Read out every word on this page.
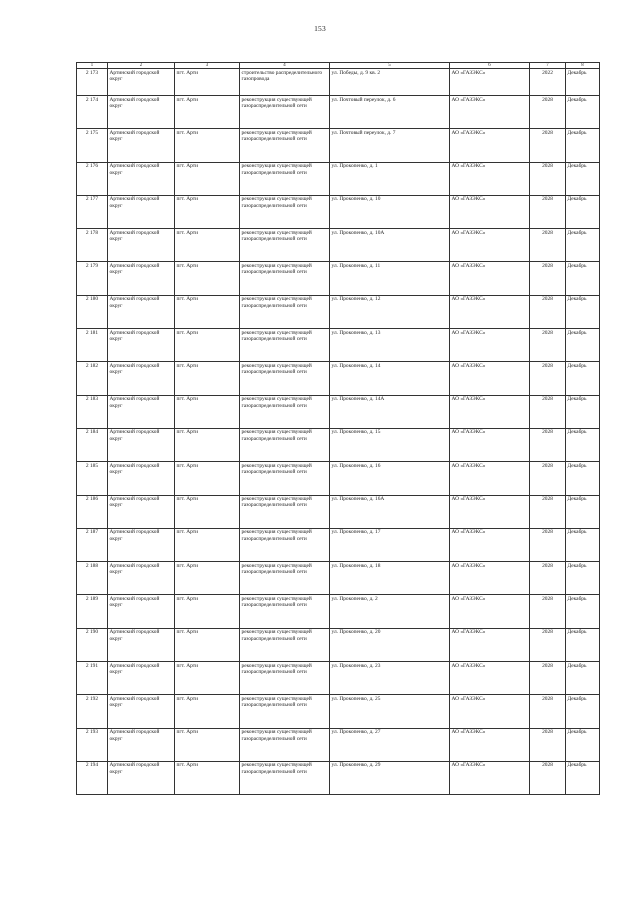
153
1	2	3	4	5	6	7	8
2 173	Артинский городской округ	пгт. Арти	строительство распределительного газопровода	ул. Победы, д. 9 кв. 2	АО «ГАЗЭКС»	2022	Декабрь
2 174	Артинский городской округ	пгт. Арти	реконструкция существующей газораспределительной сети	ул. Почтовый переулок, д. 6	АО «ГАЗЭКС»	2028	Декабрь
2 175	Артинский городской округ	пгт. Арти	реконструкция существующей газораспределительной сети	ул. Почтовый переулок, д. 7	АО «ГАЗЭКС»	2028	Декабрь
2 176	Артинский городской округ	пгт. Арти	реконструкция существующей газораспределительной сети	ул. Прокопенко, д. 1	АО «ГАЗЭКС»	2028	Декабрь
2 177	Артинский городской округ	пгт. Арти	реконструкция существующей газораспределительной сети	ул. Прокопенко, д. 10	АО «ГАЗЭКС»	2028	Декабрь
2 178	Артинский городской округ	пгт. Арти	реконструкция существующей газораспределительной сети	ул. Прокопенко, д. 10А	АО «ГАЗЭКС»	2028	Декабрь
2 179	Артинский городской округ	пгт. Арти	реконструкция существующей газораспределительной сети	ул. Прокопенко, д. 11	АО «ГАЗЭКС»	2028	Декабрь
2 180	Артинский городской округ	пгт. Арти	реконструкция существующей газораспределительной сети	ул. Прокопенко, д. 12	АО «ГАЗЭКС»	2028	Декабрь
2 181	Артинский городской округ	пгт. Арти	реконструкция существующей газораспределительной сети	ул. Прокопенко, д. 13	АО «ГАЗЭКС»	2028	Декабрь
2 182	Артинский городской округ	пгт. Арти	реконструкция существующей газораспределительной сети	ул. Прокопенко, д. 14	АО «ГАЗЭКС»	2028	Декабрь
2 183	Артинский городской округ	пгт. Арти	реконструкция существующей газораспределительной сети	ул. Прокопенко, д. 14А	АО «ГАЗЭКС»	2028	Декабрь
2 184	Артинский городской округ	пгт. Арти	реконструкция существующей газораспределительной сети	ул. Прокопенко, д. 15	АО «ГАЗЭКС»	2028	Декабрь
2 185	Артинский городской округ	пгт. Арти	реконструкция существующей газораспределительной сети	ул. Прокопенко, д. 16	АО «ГАЗЭКС»	2028	Декабрь
2 186	Артинский городской округ	пгт. Арти	реконструкция существующей газораспределительной сети	ул. Прокопенко, д. 16А	АО «ГАЗЭКС»	2028	Декабрь
2 187	Артинский городской округ	пгт. Арти	реконструкция существующей газораспределительной сети	ул. Прокопенко, д. 17	АО «ГАЗЭКС»	2028	Декабрь
2 188	Артинский городской округ	пгт. Арти	реконструкция существующей газораспределительной сети	ул. Прокопенко, д. 18	АО «ГАЗЭКС»	2028	Декабрь
2 189	Артинский городской округ	пгт. Арти	реконструкция существующей газораспределительной сети	ул. Прокопенко, д. 2	АО «ГАЗЭКС»	2028	Декабрь
2 190	Артинский городской округ	пгт. Арти	реконструкция существующей газораспределительной сети	ул. Прокопенко, д. 20	АО «ГАЗЭКС»	2028	Декабрь
2 191	Артинский городской округ	пгт. Арти	реконструкция существующей газораспределительной сети	ул. Прокопенко, д. 23	АО «ГАЗЭКС»	2028	Декабрь
2 192	Артинский городской округ	пгт. Арти	реконструкция существующей газораспределительной сети	ул. Прокопенко, д. 25	АО «ГАЗЭКС»	2028	Декабрь
2 193	Артинский городской округ	пгт. Арти	реконструкция существующей газораспределительной сети	ул. Прокопенко, д. 27	АО «ГАЗЭКС»	2028	Декабрь
2 194	Артинский городской округ	пгт. Арти	реконструкция существующей газораспределительной сети	ул. Прокопенко, д. 29	АО «ГАЗЭКС»	2028	Декабрь
